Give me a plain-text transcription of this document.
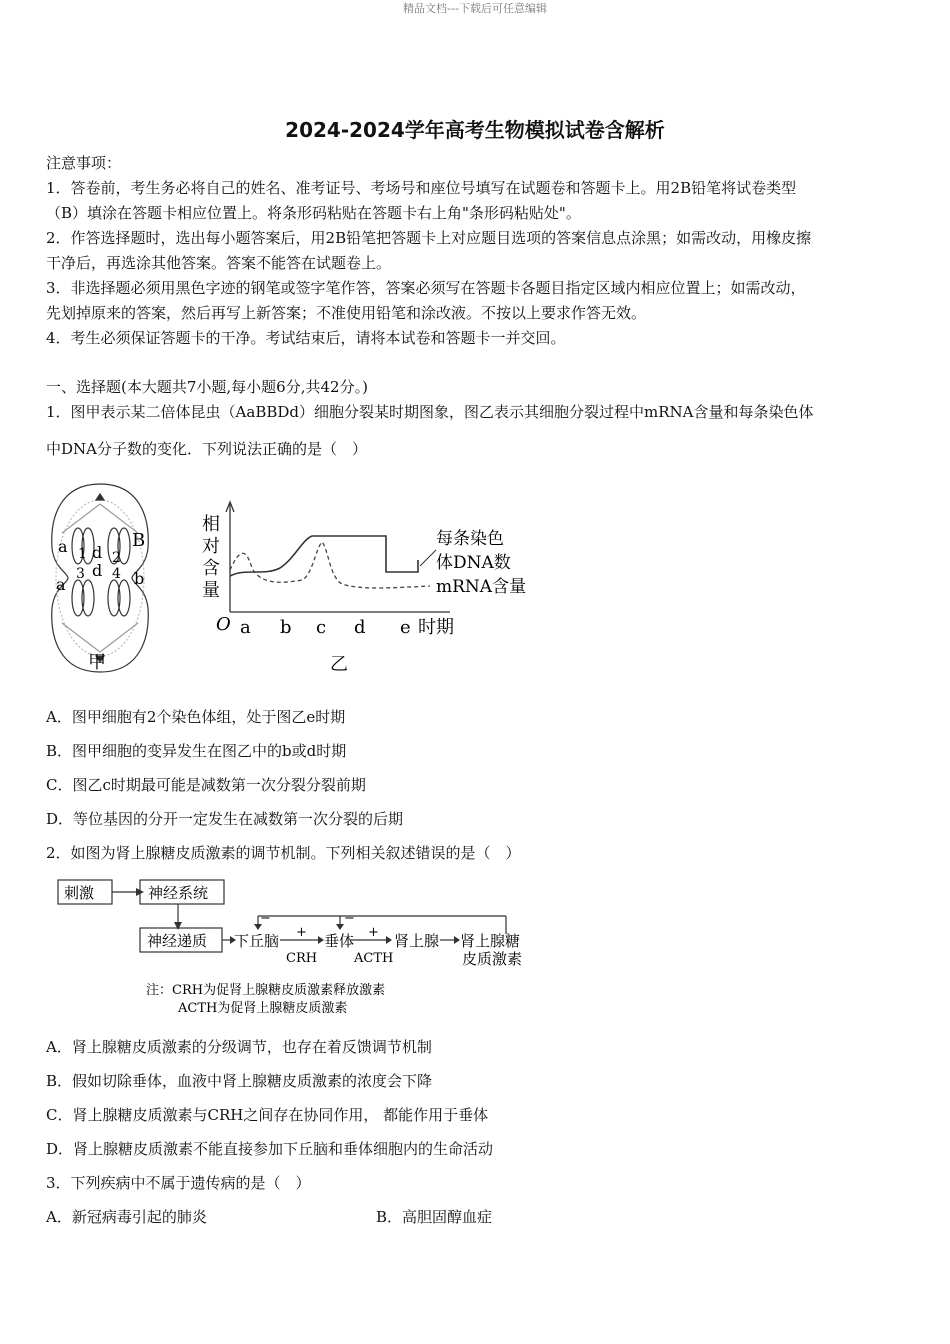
精品文档---下载后可任意编辑
2024-2024学年高考生物模拟试卷含解析
注意事项：
1．答卷前，考生务必将自己的姓名、准考证号、考场号和座位号填写在试题卷和答题卡上。用2B铅笔将试卷类型
（B）填涂在答题卡相应位置上。将条形码粘贴在答题卡右上角"条形码粘贴处"。
2．作答选择题时，选出每小题答案后，用2B铅笔把答题卡上对应题目选项的答案信息点涂黑；如需改动，用橡皮擦
干净后，再选涂其他答案。答案不能答在试题卷上。
3．非选择题必须用黑色字迹的钢笔或签字笔作答，答案必须写在答题卡各题目指定区域内相应位置上；如需改动，
先划掉原来的答案，然后再写上新答案；不准使用铅笔和涂改液。不按以上要求作答无效。
4．考生必须保证答题卡的干净。考试结束后，请将本试卷和答题卡一并交回。
一、选择题(本大题共7小题,每小题6分,共42分。)
1．图甲表示某二倍体昆虫（AaBBDd）细胞分裂某时期图象，图乙表示其细胞分裂过程中mRNA含量和每条染色体
中DNA分子数的变化．下列说法正确的是（　）
a 1 d 2
B
a
3 d 4 b
甲
相
对
含
量
O a b c d e 时期
每条染色
体DNA数
mRNA含量
乙
A．图甲细胞有2个染色体组，处于图乙e时期
B．图甲细胞的变异发生在图乙中的b或d时期
C．图乙c时期最可能是减数第一次分裂分裂前期
D．等位基因的分开一定发生在减数第一次分裂的后期
2．如图为肾上腺糖皮质激素的调节机制。下列相关叙述错误的是（　）
刺激	神经系统
神经递质 下丘脑	垂体	肾上腺 肾上腺糖
皮质激素
CRH	ACTH
+	+
−	−
注：CRH为促肾上腺糖皮质激素释放激素
ACTH为促肾上腺糖皮质激素
A．肾上腺糖皮质激素的分级调节，也存在着反馈调节机制
B．假如切除垂体，血液中肾上腺糖皮质激素的浓度会下降
C．肾上腺糖皮质激素与CRH之间存在协同作用， 都能作用于垂体
D．肾上腺糖皮质激素不能直接参加下丘脑和垂体细胞内的生命活动
3．下列疾病中不属于遗传病的是（　）
A．新冠病毒引起的肺炎	B．高胆固醇血症
